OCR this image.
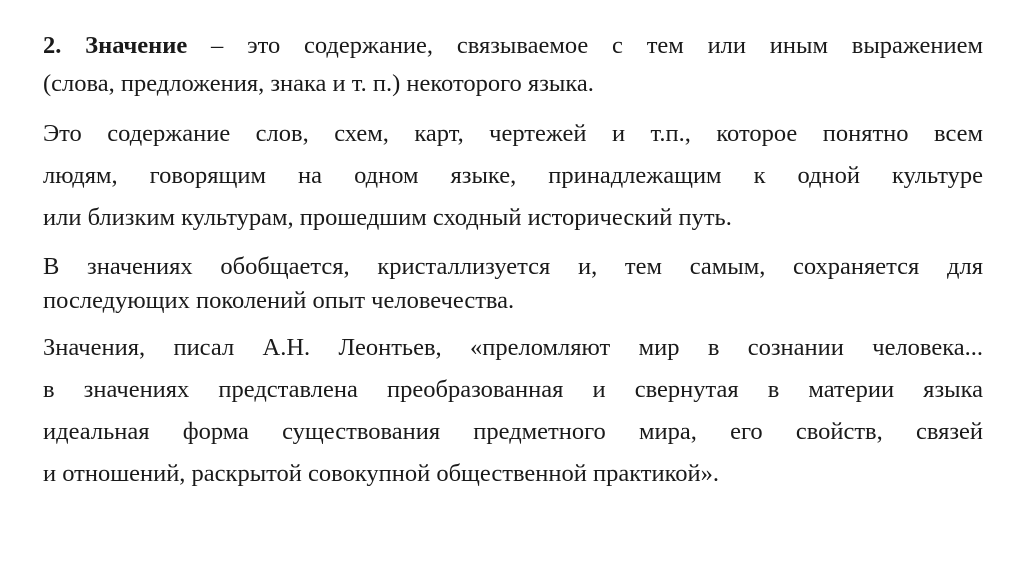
2. Значение – это содержание, связываемое с тем или иным выражением
(слова, предложения, знака и т. п.) некоторого языка.
Это содержание слов, схем, карт, чертежей и т.п., которое понятно всем
людям, говорящим на одном языке, принадлежащим к одной культуре
или близким культурам, прошедшим сходный исторический путь.
В значениях обобщается, кристаллизуется и, тем самым, сохраняется для
последующих поколений опыт человечества.
Значения, писал А.Н. Леонтьев, «преломляют мир в сознании человека...
в значениях представлена преобразованная и свернутая в материи языка
идеальная форма существования предметного мира, его свойств, связей
и отношений, раскрытой совокупной общественной практикой».
